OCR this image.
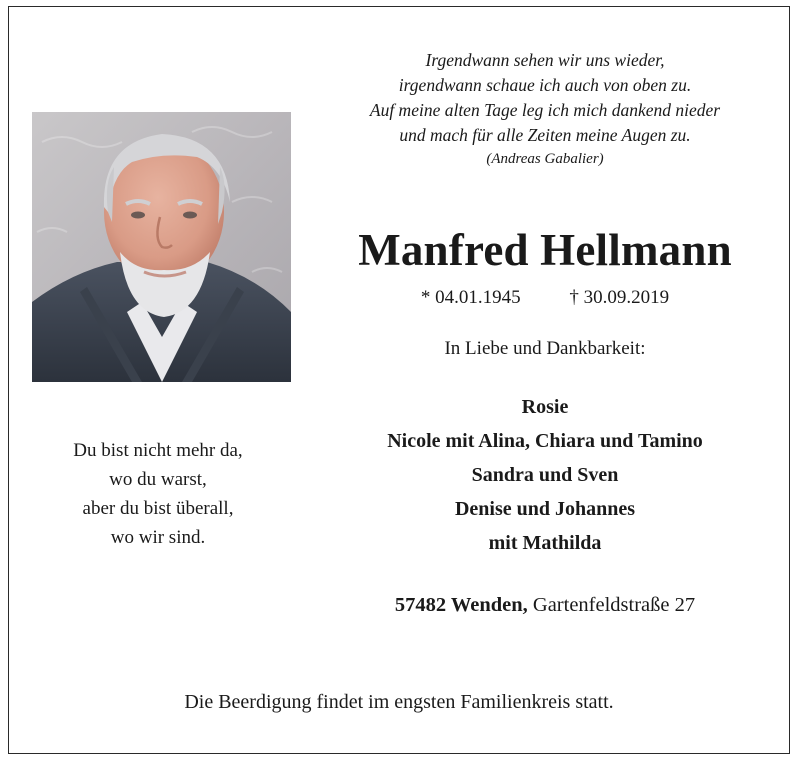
Irgendwann sehen wir uns wieder,
irgendwann schaue ich auch von oben zu.
Auf meine alten Tage leg ich mich dankend nieder
und mach für alle Zeiten meine Augen zu.
(Andreas Gabalier)
Manfred Hellmann
* 04.01.1945	† 30.09.2019
In Liebe und Dankbarkeit:
Rosie
Nicole mit Alina, Chiara und Tamino
Sandra und Sven
Denise und Johannes
mit Mathilda
57482 Wenden, Gartenfeldstraße 27
Du bist nicht mehr da,
wo du warst,
aber du bist überall,
wo wir sind.
Die Beerdigung findet im engsten Familienkreis statt.
